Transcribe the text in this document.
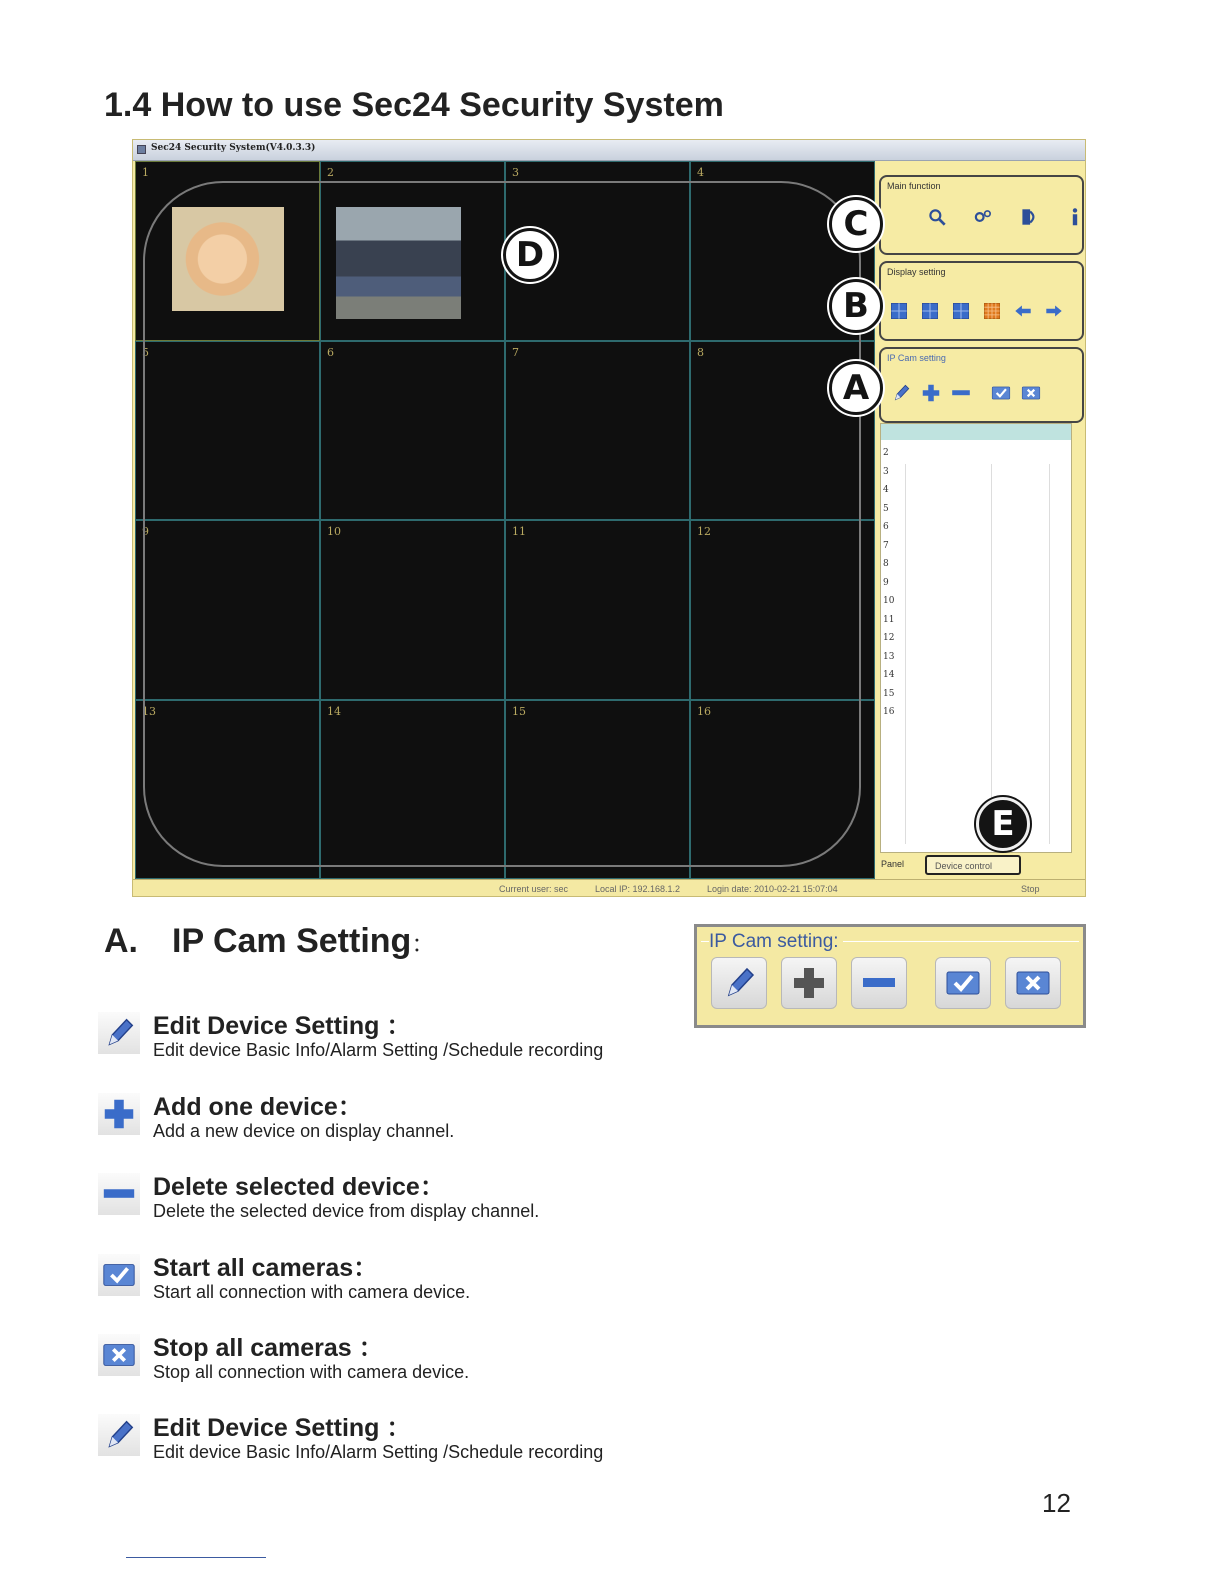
1.4 How to use Sec24 Security System
Sec24 Security System(V4.0.3.3)
1	2	3	4
5	6	7	8
9	10	11	12
13	14	15	16
D
Main function
Display setting
IP Cam setting
2
3
4
5
6
7
8
9
10
11
12
13
14
15
16
Panel	Device control
C
B
A
E
Current user: sec	Local IP: 192.168.1.2	Login date: 2010-02-21 15:07:04	Stop
A. IP Cam Setting：	IP Cam setting:
Edit Device Setting ：
Edit device Basic Info/Alarm Setting /Schedule recording
Add one device：
Add a new device on display channel.
Delete selected device：
Delete the selected device from display channel.
Start all cameras：
Start all connection with camera device.
Stop all cameras ：
Stop all connection with camera device.
Edit Device Setting ：
Edit device Basic Info/Alarm Setting /Schedule recording
12
